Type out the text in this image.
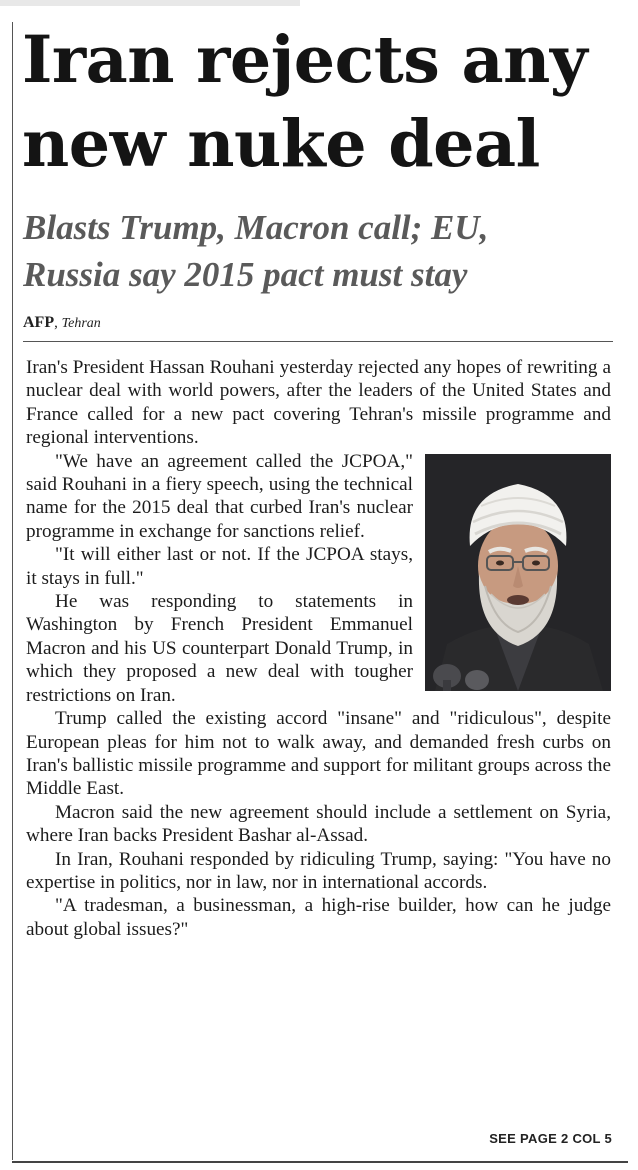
Iran rejects any
new nuke deal
Blasts Trump, Macron call; EU,
Russia say 2015 pact must stay
AFP, Tehran

Iran's President Hassan Rouhani yesterday rejected any hopes of rewriting a nuclear deal with world powers, after the leaders of the United States and France called for a new pact covering Tehran's missile programme and regional interventions.

"We have an agreement called the JCPOA," said Rouhani in a fiery speech, using the technical name for the 2015 deal that curbed Iran's nuclear programme in exchange for sanctions relief.

"It will either last or not. If the JCPOA stays, it stays in full."

He was responding to statements in Washington by French President Emmanuel Macron and his US counterpart Donald Trump, in which they proposed a new deal with tougher restrictions on Iran.

Trump called the existing accord "insane" and "ridiculous", despite European pleas for him not to walk away, and demanded fresh curbs on Iran's ballistic missile programme and support for militant groups across the Middle East.

Macron said the new agreement should include a settlement on Syria, where Iran backs President Bashar al-Assad.

In Iran, Rouhani responded by ridiculing Trump, saying: "You have no expertise in politics, nor in law, nor in international accords.

"A tradesman, a businessman, a high-rise builder, how can he judge about global issues?"

SEE PAGE 2 COL 5
